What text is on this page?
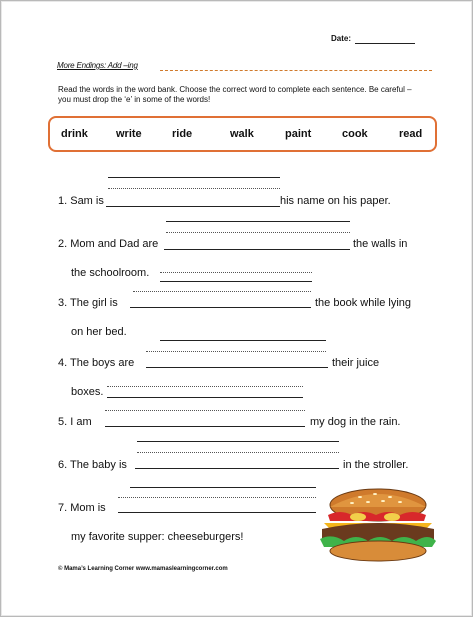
Date:
More Endings: Add –ing
Read the words in the word bank. Choose the correct word to complete each sentence. Be careful – you must drop the ‘e’ in some of the words!
drink	write	ride	walk	paint	cook	read
1. Sam is	his name on his paper.
2. Mom and Dad are	the walls in
the schoolroom.
3. The girl is	the book while lying
on her bed.
4. The boys are	their juice
boxes.
5. I am	my dog in the rain.
6. The baby is	in the stroller.
7. Mom is
my favorite supper: cheeseburgers!
© Mama’s Learning Corner www.mamaslearningcorner.com
